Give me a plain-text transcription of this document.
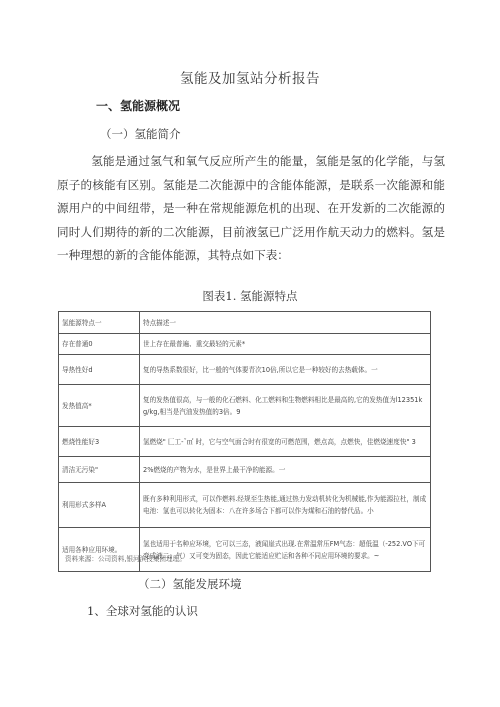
氢能及加氢站分析报告
一、氢能源概况
（一）氢能简介
氢能是通过氢气和氧气反应所产生的能量，氢能是氢的化学能，与氢原子的核能有区别。氢能是二次能源中的含能体能源，是联系一次能源和能源用户的中间纽带，是一种在常规能源危机的出现、在开发新的二次能源的同时人们期待的新的二次能源，目前液氢已广泛用作航天动力的燃料。氢是一种理想的新的含能体能源，其特点如下表：
图表1. 氢能源特点
氢能源特点一	特点描述一
存在普通0	世上存在最普遍、重交最轻的元素*
导热性好d	复的导热系数很好，比一般的气体要青次10倍,所以它是一种较好的去热载体。一
发热值高*	复的发热值很高，与一般的化石燃料、化工燃料和生物燃料相比是最高的,它的发热值为l12351kg/kg,相当是汽油发热值的3倍。9
燃烧性能好3	氢燃烧" 匚工-ˇ㎡ 时，它与空气面合时有很宽的可燃范围，燃点高，点燃快，佳燃烧速度快" 3
清洁无污染"	2%燃烧的产物为水，是世界上最干净的能源。一
利用形式多样A	既有多种利用形式，可以作燃料.经规至生热能,通过热力发动机转化为机械能,作为能源拉杜，制成电池：氢也可以转化为固本：八在许多场合下都可以作为煤和石油的替代品。小
适用各种应用环境。	氢也适用于名种应环境，它可以三态，液闻崖式出现.在常温常压FM气态：超低温（-252.VO下可变成液二：气）又可变为固态，因此它能适应贮运和各种不同应用环境的要求。~
资料来源：公司资料,银河滨投集团理理。
（二）氢能发展环境
1、全球对氢能的认识
